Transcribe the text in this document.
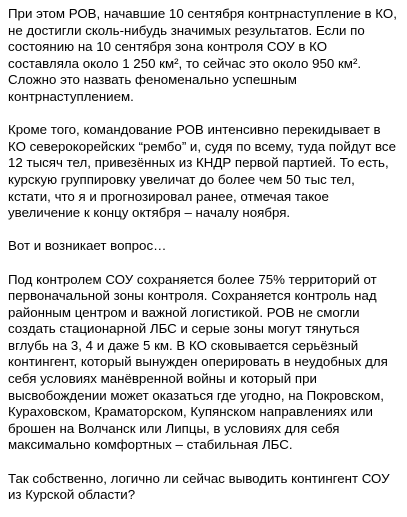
При этом РОВ, начавшие 10 сентября контрнаступление в КО, не достигли сколь-нибудь значимых результатов. Если по состоянию на 10 сентября зона контроля СОУ в КО составляла около 1 250 км², то сейчас это около 950 км². Сложно это назвать феноменально успешным контрнаступлением.

Кроме того, командование РОВ интенсивно перекидывает в КО северокорейских “рембо” и, судя по всему, туда пойдут все 12 тысяч тел, привезённых из КНДР первой партией. То есть, курскую группировку увеличат до более чем 50 тыс тел, кстати, что я и прогнозировал ранее, отмечая такое увеличение к концу октября – началу ноября.

Вот и возникает вопрос…

Под контролем СОУ сохраняется более 75% территорий от первоначальной зоны контроля. Сохраняется контроль над районным центром и важной логистикой. РОВ не смогли создать стационарной ЛБС и серые зоны могут тянуться вглубь на 3, 4 и даже 5 км. В КО сковывается серьёзный контингент, который вынужден оперировать в неудобных для себя условиях манёвренной войны и который при высвобождении может оказаться где угодно, на Покровском, Кураховском, Краматорском, Купянском направлениях или брошен на Волчанск или Липцы, в условиях для себя максимально комфортных – стабильная ЛБС.

Так собственно, логично ли сейчас выводить контингент СОУ из Курской области?
